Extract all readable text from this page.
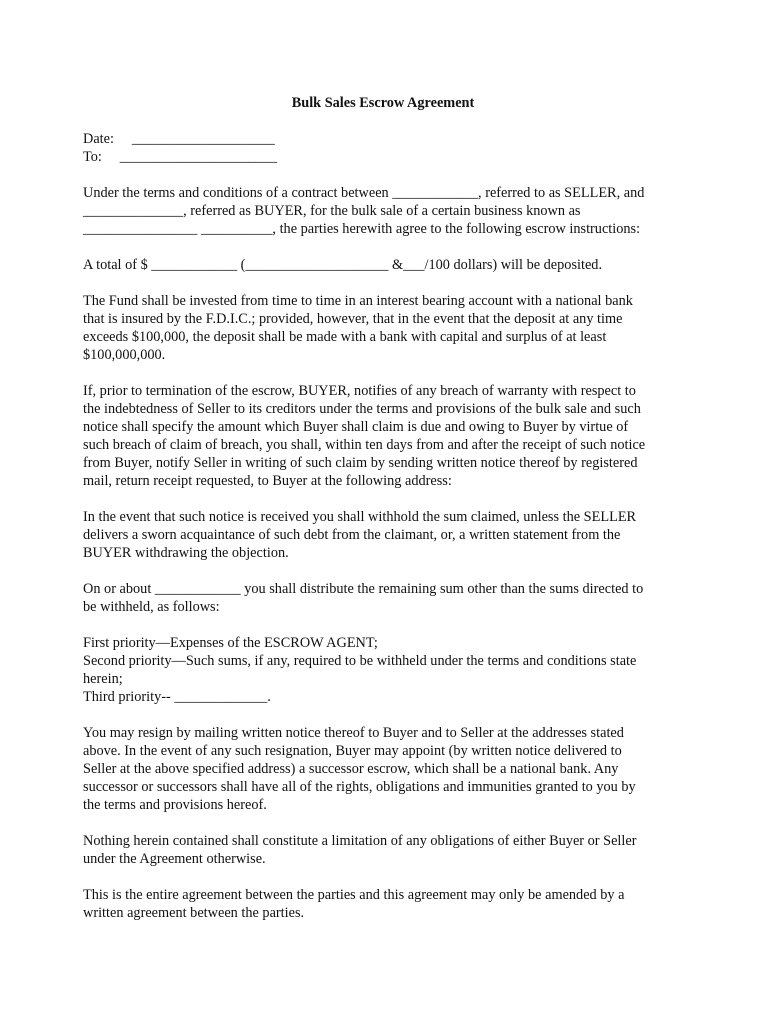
Bulk Sales Escrow Agreement
Date:     ____________________
To:     ______________________
Under the terms and conditions of a contract between ____________, referred to as SELLER, and
______________, referred as BUYER, for the bulk sale of a certain business known as
________________ __________, the parties herewith agree to the following escrow instructions:
A total of $ ____________ (____________________ &___/100 dollars) will be deposited.
The Fund shall be invested from time to time in an interest bearing account with a national bank
that is insured by the F.D.I.C.; provided, however, that in the event that the deposit at any time
exceeds $100,000, the deposit shall be made with a bank with capital and surplus of at least
$100,000,000.
If, prior to termination of the escrow, BUYER, notifies of any breach of warranty with respect to
the indebtedness of Seller to its creditors under the terms and provisions of the bulk sale and such
notice shall specify the amount which Buyer shall claim is due and owing to Buyer by virtue of
such breach of claim of breach, you shall, within ten days from and after the receipt of such notice
from Buyer, notify Seller in writing of such claim by sending written notice thereof by registered
mail, return receipt requested, to Buyer at the following address:
In the event that such notice is received you shall withhold the sum claimed, unless the SELLER
delivers a sworn acquaintance of such debt from the claimant, or, a written statement from the
BUYER withdrawing the objection.
On or about ____________ you shall distribute the remaining sum other than the sums directed to
be withheld, as follows:
First priority—Expenses of the ESCROW AGENT;
Second priority—Such sums, if any, required to be withheld under the terms and conditions state
herein;
Third priority-- _____________.
You may resign by mailing written notice thereof to Buyer and to Seller at the addresses stated
above. In the event of any such resignation, Buyer may appoint (by written notice delivered to
Seller at the above specified address) a successor escrow, which shall be a national bank. Any
successor or successors shall have all of the rights, obligations and immunities granted to you by
the terms and provisions hereof.
Nothing herein contained shall constitute a limitation of any obligations of either Buyer or Seller
under the Agreement otherwise.
This is the entire agreement between the parties and this agreement may only be amended by a
written agreement between the parties.
